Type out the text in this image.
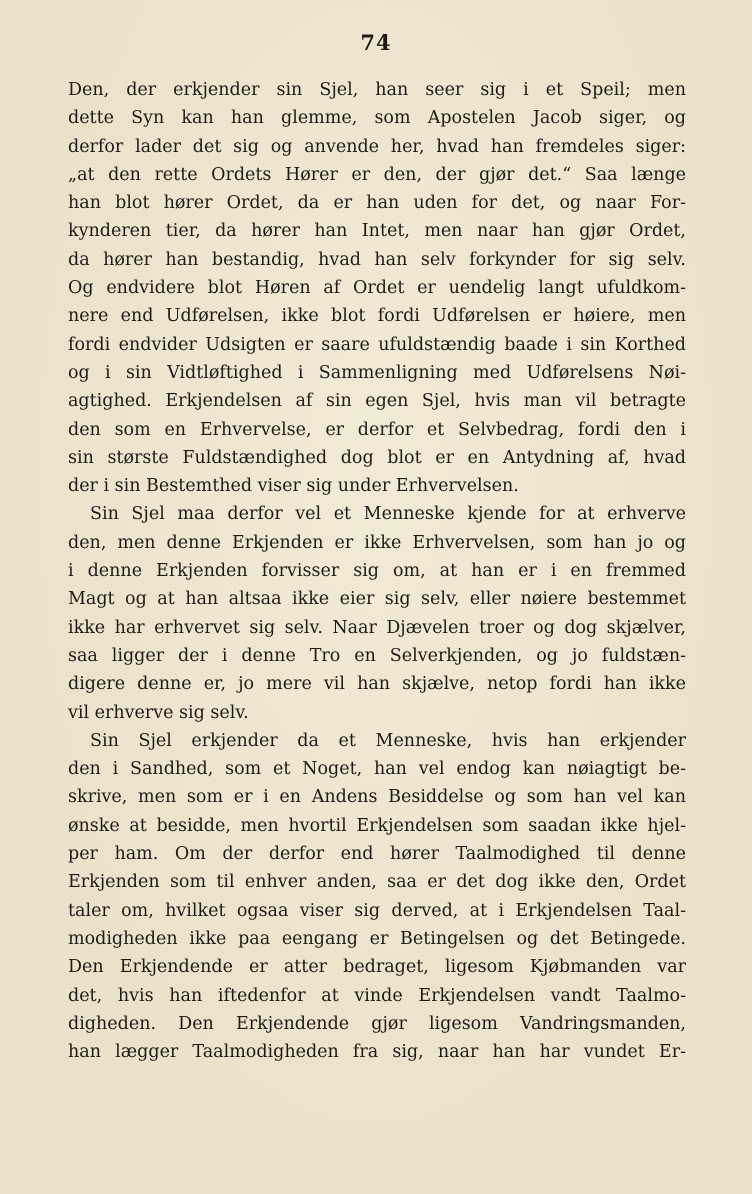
74
Den, der erkjender sin Sjel, han seer sig i et Speil; men
dette Syn kan han glemme, som Apostelen Jacob siger, og
derfor lader det sig og anvende her, hvad han fremdeles siger:
„at den rette Ordets Hører er den, der gjør det.“ Saa længe
han blot hører Ordet, da er han uden for det, og naar For-
kynderen tier, da hører han Intet, men naar han gjør Ordet,
da hører han bestandig, hvad han selv forkynder for sig selv.
Og endvidere blot Høren af Ordet er uendelig langt ufuldkom-
nere end Udførelsen, ikke blot fordi Udførelsen er høiere, men
fordi endvider Udsigten er saare ufuldstændig baade i sin Korthed
og i sin Vidtløftighed i Sammenligning med Udførelsens Nøi-
agtighed. Erkjendelsen af sin egen Sjel, hvis man vil betragte
den som en Erhvervelse, er derfor et Selvbedrag, fordi den i
sin største Fuldstændighed dog blot er en Antydning af, hvad
der i sin Bestemthed viser sig under Erhvervelsen.
Sin Sjel maa derfor vel et Menneske kjende for at erhverve
den, men denne Erkjenden er ikke Erhvervelsen, som han jo og
i denne Erkjenden forvisser sig om, at han er i en fremmed
Magt og at han altsaa ikke eier sig selv, eller nøiere bestemmet
ikke har erhvervet sig selv. Naar Djævelen troer og dog skjælver,
saa ligger der i denne Tro en Selverkjenden, og jo fuldstæn-
digere denne er, jo mere vil han skjælve, netop fordi han ikke
vil erhverve sig selv.
Sin Sjel erkjender da et Menneske, hvis han erkjender
den i Sandhed, som et Noget, han vel endog kan nøiagtigt be-
skrive, men som er i en Andens Besiddelse og som han vel kan
ønske at besidde, men hvortil Erkjendelsen som saadan ikke hjel-
per ham. Om der derfor end hører Taalmodighed til denne
Erkjenden som til enhver anden, saa er det dog ikke den, Ordet
taler om, hvilket ogsaa viser sig derved, at i Erkjendelsen Taal-
modigheden ikke paa eengang er Betingelsen og det Betingede.
Den Erkjendende er atter bedraget, ligesom Kjøbmanden var
det, hvis han iftedenfor at vinde Erkjendelsen vandt Taalmo-
digheden. Den Erkjendende gjør ligesom Vandringsmanden,
han lægger Taalmodigheden fra sig, naar han har vundet Er-
